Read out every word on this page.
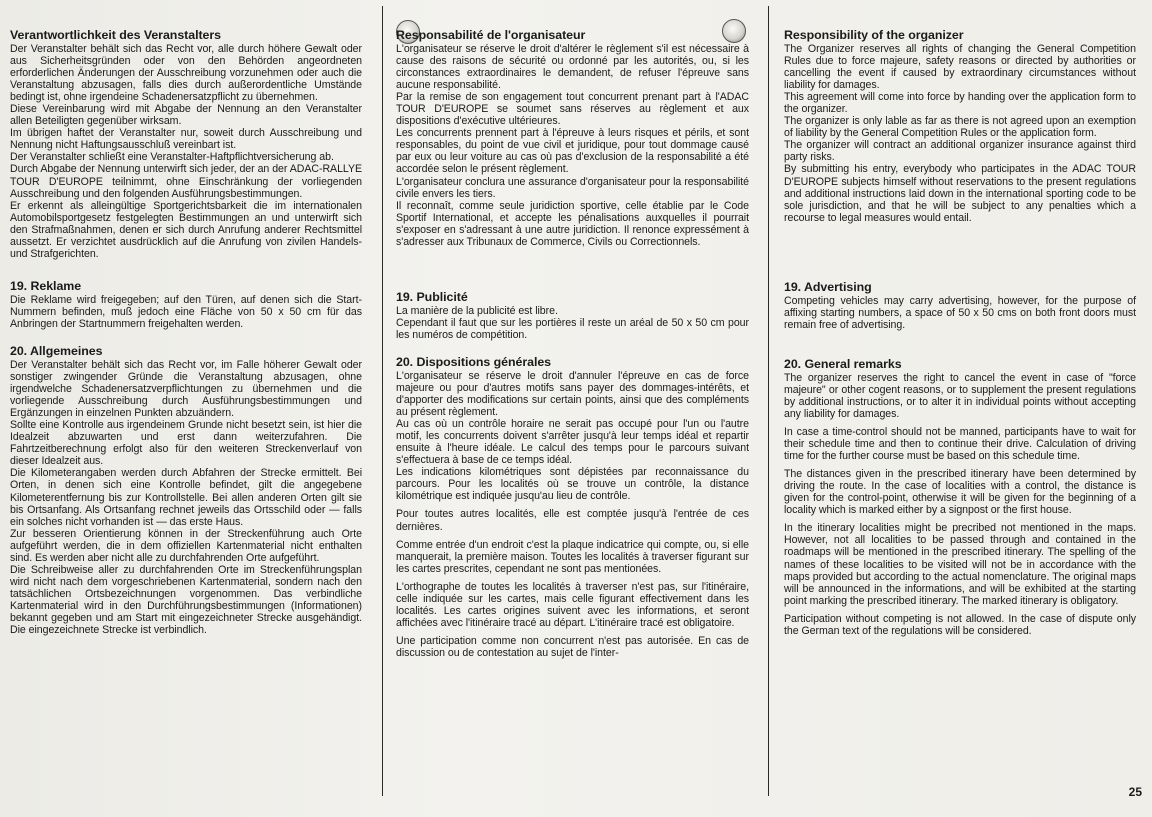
Verantwortlichkeit des Veranstalters

Der Veranstalter behält sich das Recht vor, alle durch höhere Gewalt oder aus Sicherheitsgründen oder von den Behörden angeordneten erforderlichen Änderungen der Ausschreibung vorzunehmen oder auch die Veranstaltung abzusagen, falls dies durch außerordentliche Umstände bedingt ist, ohne irgendeine Schadenersatzpflicht zu übernehmen.

Diese Vereinbarung wird mit Abgabe der Nennung an den Veranstalter allen Beteiligten gegenüber wirksam.

Im übrigen haftet der Veranstalter nur, soweit durch Ausschreibung und Nennung nicht Haftungsausschluß vereinbart ist.

Der Veranstalter schließt eine Veranstalter-Haftpflichtversicherung ab.

Durch Abgabe der Nennung unterwirft sich jeder, der an der ADAC-RALLYE TOUR D'EUROPE teilnimmt, ohne Einschränkung der vorliegenden Ausschreibung und den folgenden Ausführungsbestimmungen.

Er erkennt als alleingültige Sportgerichtsbarkeit die im internationalen Automobilsportgesetz festgelegten Bestimmungen an und unterwirft sich den Strafmaßnahmen, denen er sich durch Anrufung anderer Rechtsmittel aussetzt. Er verzichtet ausdrücklich auf die Anrufung von zivilen Handels- und Strafgerichten.

19. Reklame

Die Reklame wird freigegeben; auf den Türen, auf denen sich die Start-Nummern befinden, muß jedoch eine Fläche von 50 x 50 cm für das Anbringen der Startnummern freigehalten werden.

20. Allgemeines

Der Veranstalter behält sich das Recht vor, im Falle höherer Gewalt oder sonstiger zwingender Gründe die Veranstaltung abzusagen, ohne irgendwelche Schadenersatzverpflichtungen zu übernehmen und die vorliegende Ausschreibung durch Ausführungsbestimmungen und Ergänzungen in einzelnen Punkten abzuändern.

Sollte eine Kontrolle aus irgendeinem Grunde nicht besetzt sein, ist hier die Idealzeit abzuwarten und erst dann weiterzufahren. Die Fahrtzeitberechnung erfolgt also für den weiteren Streckenverlauf von dieser Idealzeit aus.

Die Kilometerangaben werden durch Abfahren der Strecke ermittelt. Bei Orten, in denen sich eine Kontrolle befindet, gilt die angegebene Kilometerentfernung bis zur Kontrollstelle. Bei allen anderen Orten gilt sie bis Ortsanfang. Als Ortsanfang rechnet jeweils das Ortsschild oder — falls ein solches nicht vorhanden ist — das erste Haus.

Zur besseren Orientierung können in der Streckenführung auch Orte aufgeführt werden, die in dem offiziellen Kartenmaterial nicht enthalten sind. Es werden aber nicht alle zu durchfahrenden Orte aufgeführt.

Die Schreibweise aller zu durchfahrenden Orte im Streckenführungsplan wird nicht nach dem vorgeschriebenen Kartenmaterial, sondern nach den tatsächlichen Ortsbezeichnungen vorgenommen. Das verbindliche Kartenmaterial wird in den Durchführungsbestimmungen (Informationen) bekannt gegeben und am Start mit eingezeichneter Strecke ausgehändigt. Die eingezeichnete Strecke ist verbindlich.

Responsabilité de l'organisateur

L'organisateur se réserve le droit d'altérer le règlement s'il est nécessaire à cause des raisons de sécurité ou ordonné par les autorités, ou, si les circonstances extraordinaires le demandent, de refuser l'épreuve sans aucune responsabilité.

Par la remise de son engagement tout concurrent prenant part à l'ADAC TOUR D'EUROPE se soumet sans réserves au règlement et aux dispositions d'exécutive ultérieures.

Les concurrents prennent part à l'épreuve à leurs risques et périls, et sont responsables, du point de vue civil et juridique, pour tout dommage causé par eux ou leur voiture au cas où pas d'exclusion de la responsabilité a été accordée selon le présent règlement.

L'organisateur conclura une assurance d'organisateur pour la responsabilité civile envers les tiers.

Il reconnaît, comme seule juridiction sportive, celle établie par le Code Sportif International, et accepte les pénalisations auxquelles il pourrait s'exposer en s'adressant à une autre juridiction. Il renonce expressément à s'adresser aux Tribunaux de Commerce, Civils ou Correctionnels.

19. Publicité

La manière de la publicité est libre.

Cependant il faut que sur les portières il reste un aréal de 50 x 50 cm pour les numéros de compétition.

20. Dispositions générales

L'organisateur se réserve le droit d'annuler l'épreuve en cas de force majeure ou pour d'autres motifs sans payer des dommages-intérêts, et d'apporter des modifications sur certain points, ainsi que des compléments au présent règlement.

Au cas où un contrôle horaire ne serait pas occupé pour l'un ou l'autre motif, les concurrents doivent s'arrêter jusqu'à leur temps idéal et repartir ensuite à l'heure idéale. Le calcul des temps pour le parcours suivant s'effectuera à base de ce temps idéal.

Les indications kilométriques sont dépistées par reconnaissance du parcours. Pour les localités où se trouve un contrôle, la distance kilométrique est indiquée jusqu'au lieu de contrôle.

Pour toutes autres localités, elle est comptée jusqu'à l'entrée de ces dernières.

Comme entrée d'un endroit c'est la plaque indicatrice qui compte, ou, si elle manquerait, la première maison. Toutes les localités à traverser figurant sur les cartes prescrites, cependant ne sont pas mentionées.

L'orthographe de toutes les localités à traverser n'est pas, sur l'itinéraire, celle indiquée sur les cartes, mais celle figurant effectivement dans les localités. Les cartes origines suivent avec les informations, et seront affichées avec l'itinéraire tracé au départ. L'itinéraire tracé est obligatoire.

Une participation comme non concurrent n'est pas autorisée. En cas de discussion ou de contestation au sujet de l'inter-

Responsibility of the organizer

The Organizer reserves all rights of changing the General Competition Rules due to force majeure, safety reasons or directed by authorities or cancelling the event if caused by extraordinary circumstances without liability for damages.

This agreement will come into force by handing over the application form to the organizer.

The organizer is only lable as far as there is not agreed upon an exemption of liability by the General Competition Rules or the application form.

The organizer will contract an additional organizer insurance against third party risks.

By submitting his entry, everybody who participates in the ADAC TOUR D'EUROPE subjects himself without reservations to the present regulations and additional instructions laid down in the international sporting code to be sole jurisdiction, and that he will be subject to any penalties which a recourse to legal measures would entail.

19. Advertising

Competing vehicles may carry advertising, however, for the purpose of affixing starting numbers, a space of 50 x 50 cms on both front doors must remain free of advertising.

20. General remarks

The organizer reserves the right to cancel the event in case of "force majeure" or other cogent reasons, or to supplement the present regulations by additional instructions, or to alter it in individual points without accepting any liability for damages.

In case a time-control should not be manned, participants have to wait for their schedule time and then to continue their drive. Calculation of driving time for the further course must be based on this schedule time.

The distances given in the prescribed itinerary have been determined by driving the route. In the case of localities with a control, the distance is given for the control-point, otherwise it will be given for the beginning of a locality which is marked either by a signpost or the first house.

In the itinerary localities might be precribed not mentioned in the maps. However, not all localities to be passed through and contained in the roadmaps will be mentioned in the prescribed itinerary. The spelling of the names of these localities to be visited will not be in accordance with the maps provided but according to the actual nomenclature. The original maps will be announced in the informations, and will be exhibited at the starting point marking the prescribed itinerary. The marked itinerary is obligatory.

Participation without competing is not allowed. In the case of dispute only the German text of the regulations will be considered.

25
